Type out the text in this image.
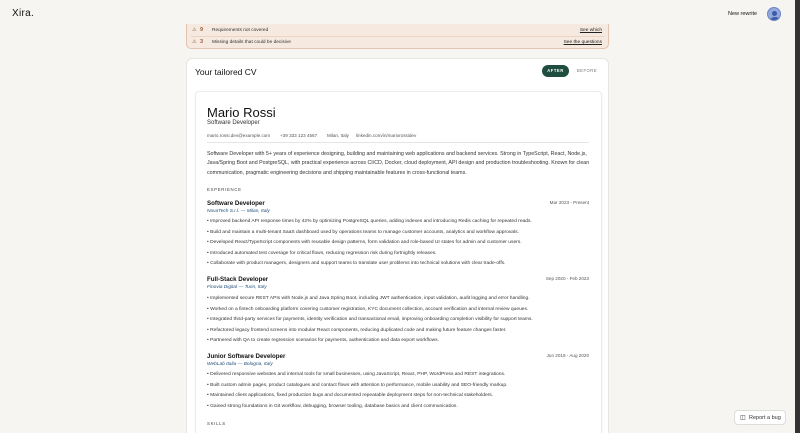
Xira.	New rewrite
⚠ 9 Requirements not covered	See which
⚠ 3 Missing details that could be decisive	See the questions
Your tailored CV	AFTER	BEFORE
Mario Rossi
Software Developer
mario.rossi.dev@example.com +39 333 123 4567 Milan, Italy linkedin.com/in/mariorossidev
Software Developer with 5+ years of experience designing, building and maintaining web applications and backend services. Strong in TypeScript, React, Node.js, Java/Spring Boot and PostgreSQL, with practical experience across CI/CD, Docker, cloud deployment, API design and production troubleshooting. Known for clean communication, pragmatic engineering decisions and shipping maintainable features in cross-functional teams.
EXPERIENCE
Software Developer	Mar 2023 - Present
NovaTech S.r.l. — Milan, Italy
• Improved backend API response times by 42% by optimizing PostgreSQL queries, adding indexes and introducing Redis caching for repeated reads.
• Build and maintain a multi-tenant SaaS dashboard used by operations teams to manage customer accounts, analytics and workflow approvals.
• Developed React/TypeScript components with reusable design patterns, form validation and role-based UI states for admin and customer users.
• Introduced automated test coverage for critical flows, reducing regression risk during fortnightly releases.
• Collaborate with product managers, designers and support teams to translate user problems into technical solutions with clear trade-offs.
Full-Stack Developer	Sep 2020 - Feb 2023
Finovia Digital — Turin, Italy
• Implemented secure REST APIs with Node.js and Java Spring Boot, including JWT authentication, input validation, audit logging and error handling.
• Worked on a fintech onboarding platform covering customer registration, KYC document collection, account verification and internal review queues.
• Integrated third-party services for payments, identity verification and transactional email, improving onboarding completion visibility for support teams.
• Refactored legacy frontend screens into modular React components, reducing duplicated code and making future feature changes faster.
• Partnered with QA to create regression scenarios for payments, authentication and data export workflows.
Junior Software Developer	Jun 2018 - Aug 2020
WebLab Italia — Bologna, Italy
• Delivered responsive websites and internal tools for small businesses, using JavaScript, React, PHP, WordPress and REST integrations.
• Built custom admin pages, product catalogues and contact flows with attention to performance, mobile usability and SEO-friendly markup.
• Maintained client applications, fixed production bugs and documented repeatable deployment steps for non-technical stakeholders.
• Gained strong foundations in Git workflow, debugging, browser tooling, database basics and client communication.
SKILLS
◫ Report a bug
